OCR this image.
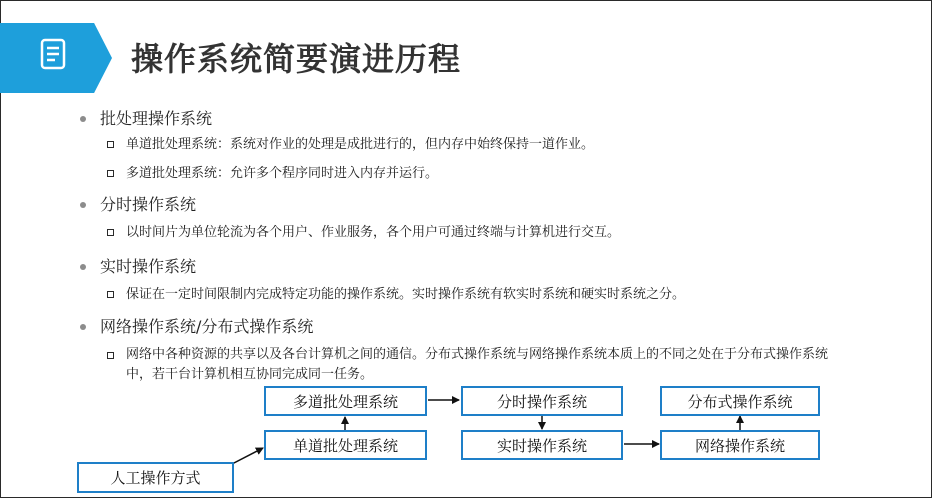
操作系统简要演进历程
批处理操作系统
单道批处理系统：系统对作业的处理是成批进行的，但内存中始终保持一道作业。
多道批处理系统：允许多个程序同时进入内存并运行。
分时操作系统
以时间片为单位轮流为各个用户、作业服务，各个用户可通过终端与计算机进行交互。
实时操作系统
保证在一定时间限制内完成特定功能的操作系统。实时操作系统有软实时系统和硬实时系统之分。
网络操作系统/分布式操作系统
网络中各种资源的共享以及各台计算机之间的通信。分布式操作系统与网络操作系统本质上的不同之处在于分布式操作系统
中，若干台计算机相互协同完成同一任务。
人工操作方式
单道批处理系统
多道批处理系统	分时操作系统
实时操作系统	网络操作系统
分布式操作系统
